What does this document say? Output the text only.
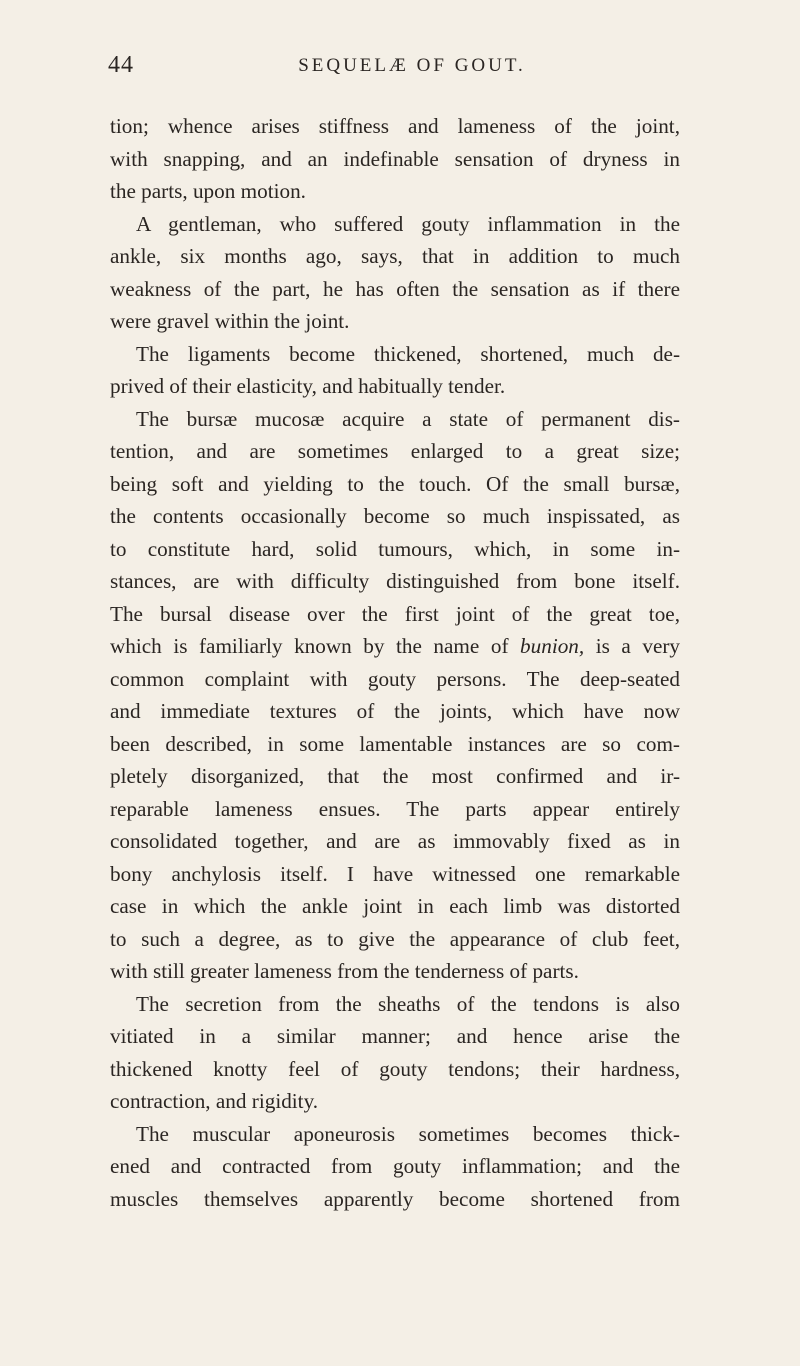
44	SEQUELÆ OF GOUT.
tion; whence arises stiffness and lameness of the joint,
with snapping, and an indefinable sensation of dryness in
the parts, upon motion.
A gentleman, who suffered gouty inflammation in the
ankle, six months ago, says, that in addition to much
weakness of the part, he has often the sensation as if there
were gravel within the joint.
The ligaments become thickened, shortened, much de-
prived of their elasticity, and habitually tender.
The bursæ mucosæ acquire a state of permanent dis-
tention, and are sometimes enlarged to a great size;
being soft and yielding to the touch. Of the small bursæ,
the contents occasionally become so much inspissated, as
to constitute hard, solid tumours, which, in some in-
stances, are with difficulty distinguished from bone itself.
The bursal disease over the first joint of the great toe,
which is familiarly known by the name of bunion, is a very
common complaint with gouty persons. The deep-seated
and immediate textures of the joints, which have now
been described, in some lamentable instances are so com-
pletely disorganized, that the most confirmed and ir-
reparable lameness ensues. The parts appear entirely
consolidated together, and are as immovably fixed as in
bony anchylosis itself. I have witnessed one remarkable
case in which the ankle joint in each limb was distorted
to such a degree, as to give the appearance of club feet,
with still greater lameness from the tenderness of parts.
The secretion from the sheaths of the tendons is also
vitiated in a similar manner; and hence arise the
thickened knotty feel of gouty tendons; their hardness,
contraction, and rigidity.
The muscular aponeurosis sometimes becomes thick-
ened and contracted from gouty inflammation; and the
muscles themselves apparently become shortened from
